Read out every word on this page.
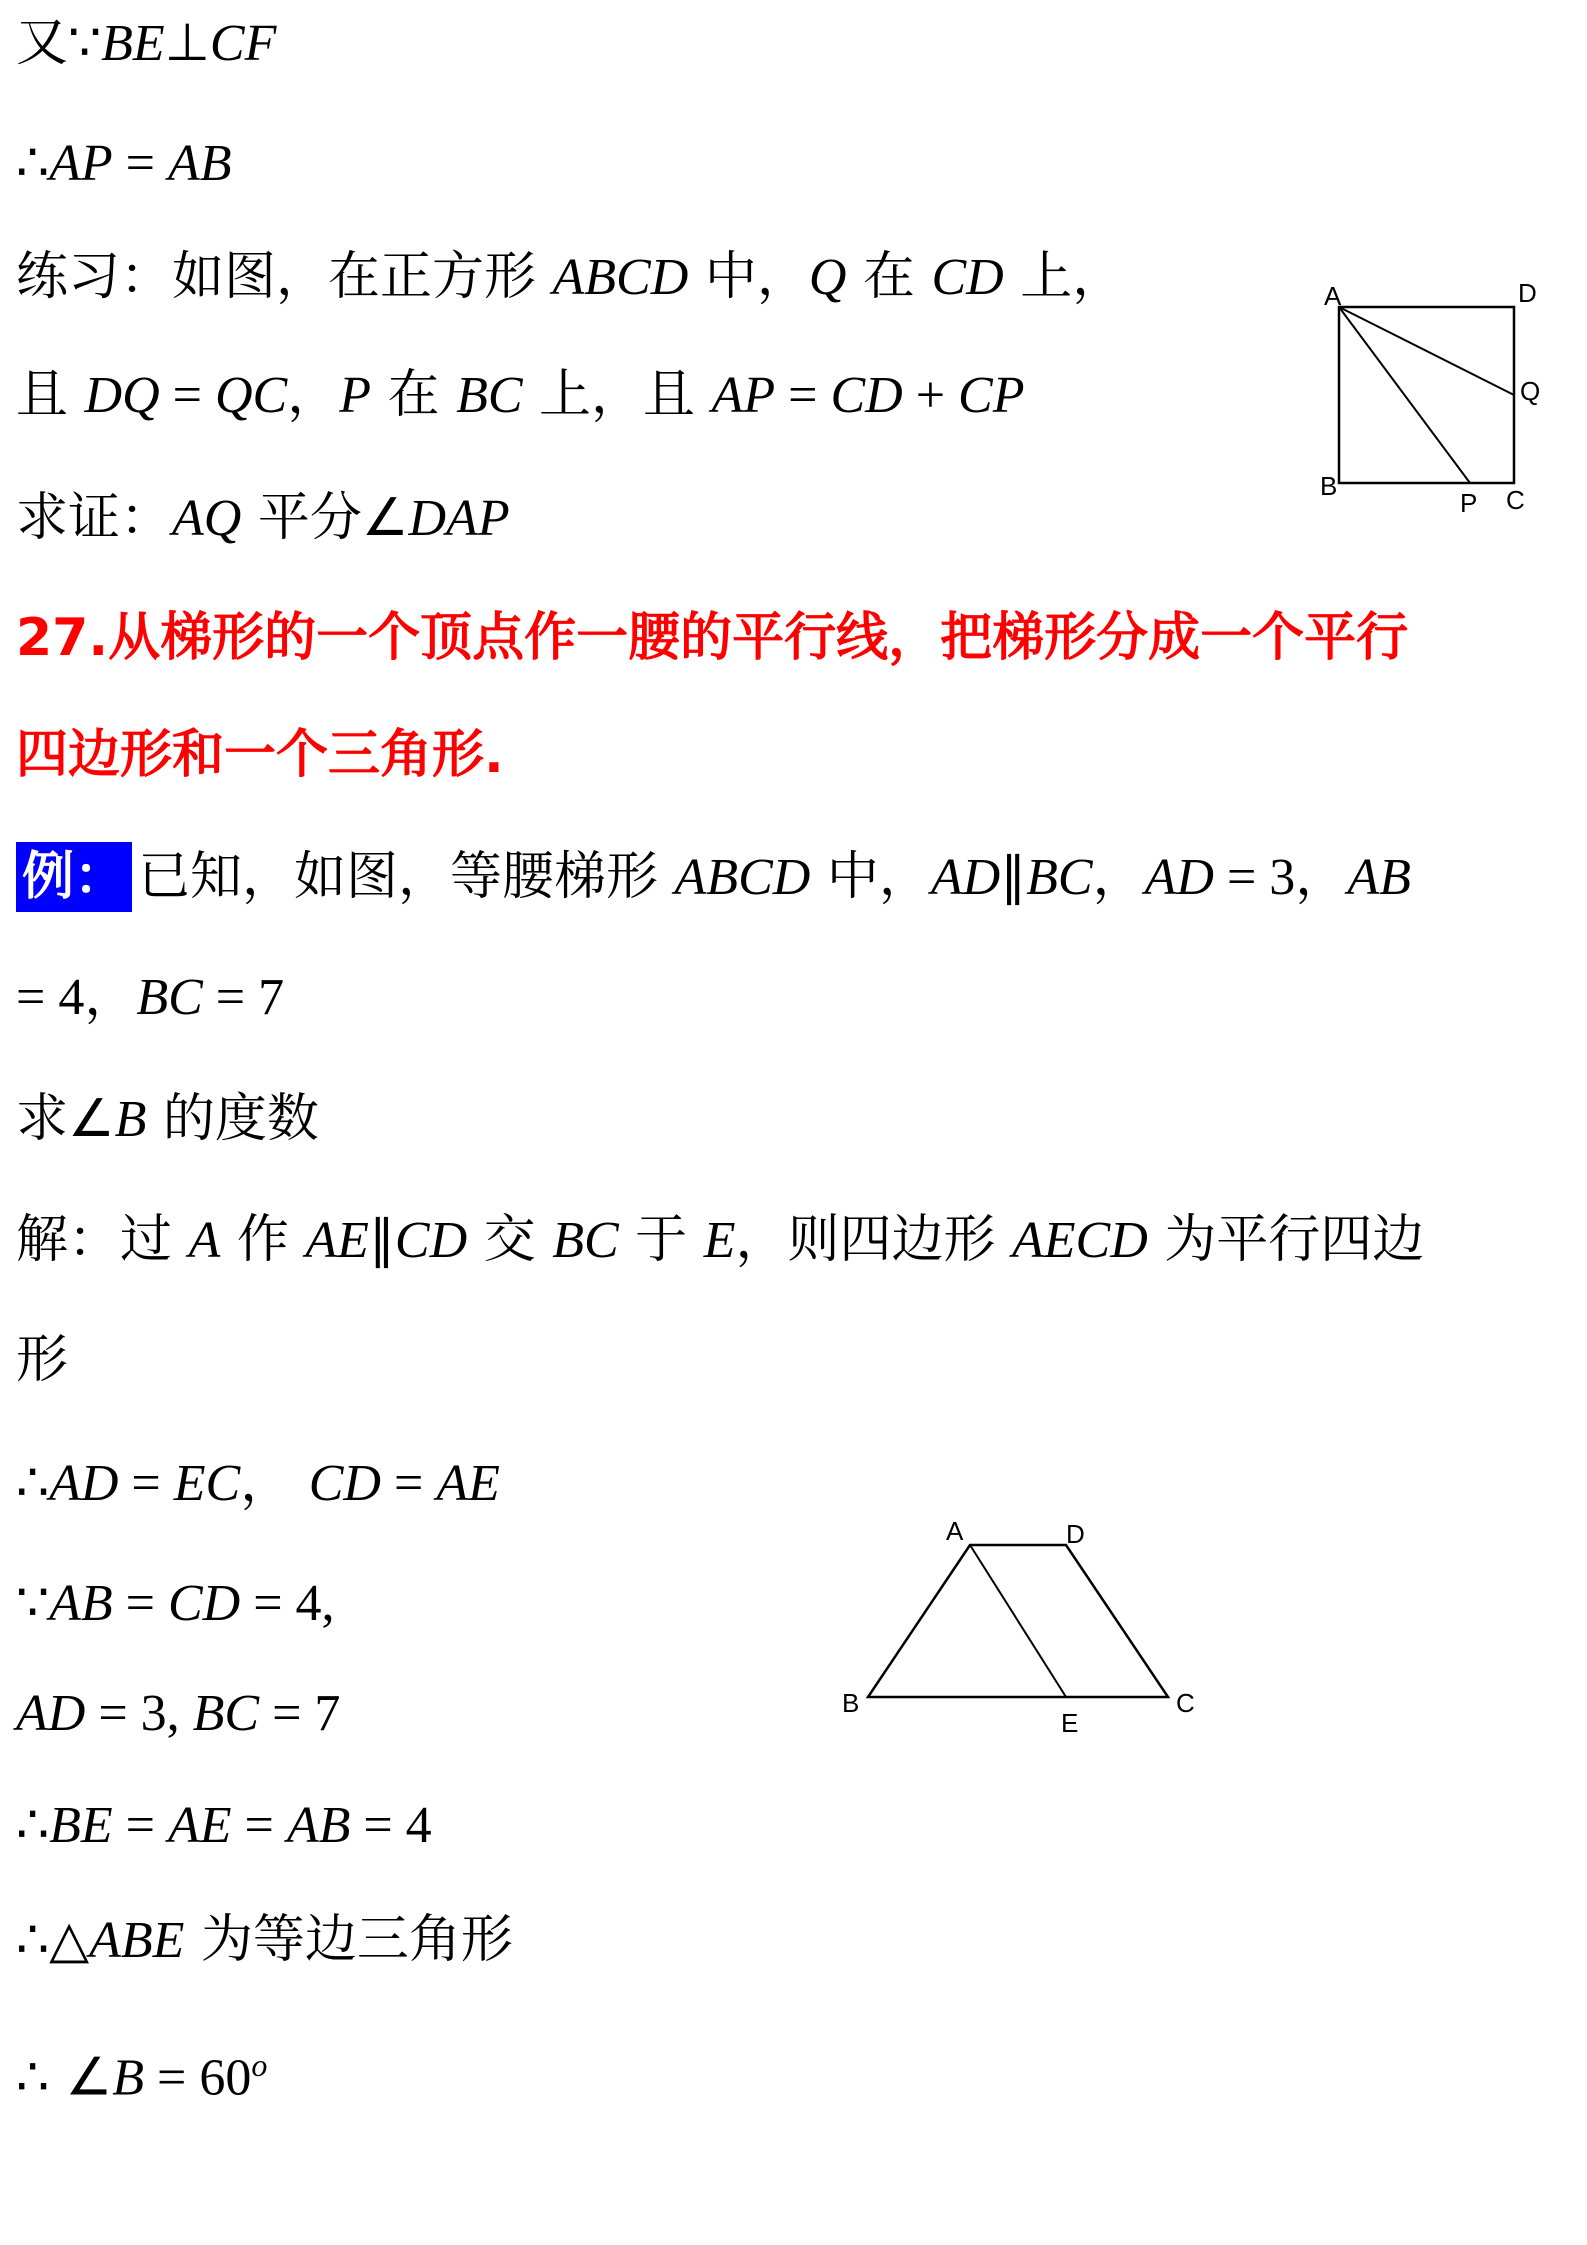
又∵BE⊥CF
∴AP = AB
练习：如图，在正方形 ABCD 中，Q 在 CD 上，
且 DQ = QC，P 在 BC 上，且 AP = CD + CP
求证：AQ 平分∠DAP
27.从梯形的一个顶点作一腰的平行线，把梯形分成一个平行
四边形和一个三角形.
例： 已知，如图，等腰梯形 ABCD 中，AD∥BC，AD = 3，AB
= 4，BC = 7
求∠B 的度数
解：过 A 作 AE∥CD 交 BC 于 E，则四边形 AECD 为平行四边
形
∴AD = EC， CD = AE
∵AB = CD = 4,
AD = 3, BC = 7
∴BE = AE = AB = 4
∴△ABE 为等边三角形
∴ ∠B = $60^o$
A	D
Q
B
P C
A	D
B
E
C
